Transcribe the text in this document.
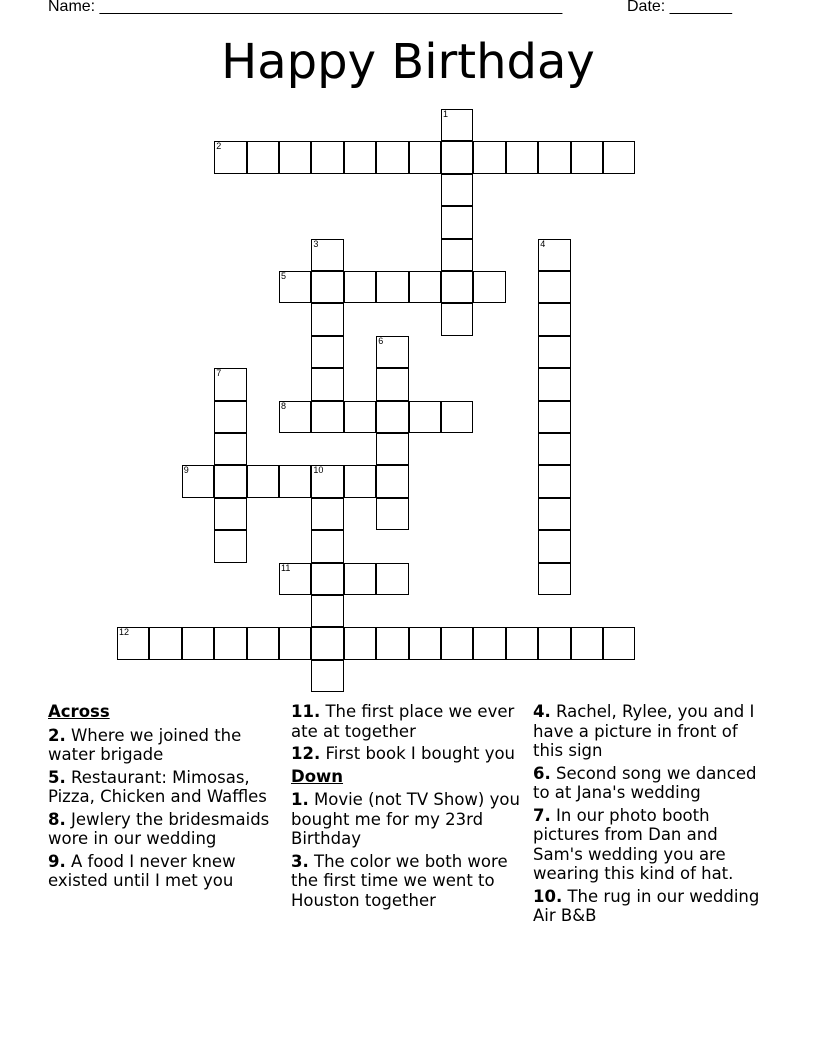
Name: ____________________________________________________	Date: _______
Happy Birthday
1
2
3	4
5
6
7
8
9	10
11
12
Across
2. Where we joined the water brigade
5. Restaurant: Mimosas, Pizza, Chicken and Waffles
8. Jewlery the bridesmaids wore in our wedding
9. A food I never knew existed until I met you
11. The first place we ever ate at together
12. First book I bought you
Down
1. Movie (not TV Show) you bought me for my 23rd Birthday
3. The color we both wore the first time we went to Houston together
4. Rachel, Rylee, you and I have a picture in front of this sign
6. Second song we danced to at Jana's wedding
7. In our photo booth pictures from Dan and Sam's wedding you are wearing this kind of hat.
10. The rug in our wedding Air B&B
